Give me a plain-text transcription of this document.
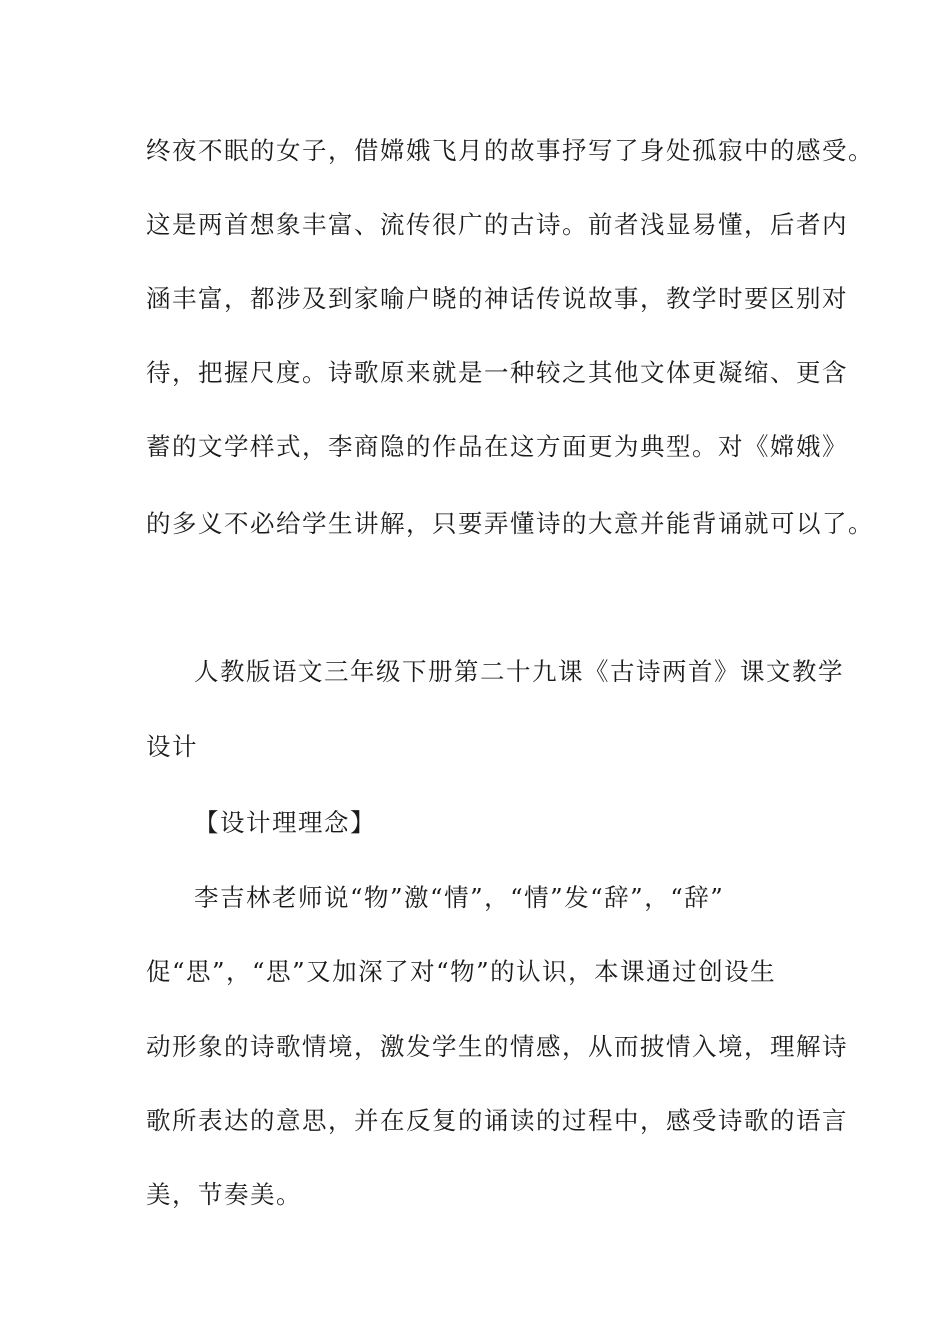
终夜不眠的女子，借嫦娥飞月的故事抒写了身处孤寂中的感受。
这是两首想象丰富、流传很广的古诗。前者浅显易懂，后者内
涵丰富，都涉及到家喻户晓的神话传说故事，教学时要区别对
待，把握尺度。诗歌原来就是一种较之其他文体更凝缩、更含
蓄的文学样式，李商隐的作品在这方面更为典型。对《嫦娥》
的多义不必给学生讲解，只要弄懂诗的大意并能背诵就可以了。
人教版语文三年级下册第二十九课《古诗两首》课文教学
设计
【设计理理念】
李吉林老师说“物”激“情”，“情”发“辞”，“辞”
促“思”，“思”又加深了对“物”的认识，本课通过创设生
动形象的诗歌情境，激发学生的情感，从而披情入境，理解诗
歌所表达的意思，并在反复的诵读的过程中，感受诗歌的语言
美，节奏美。
